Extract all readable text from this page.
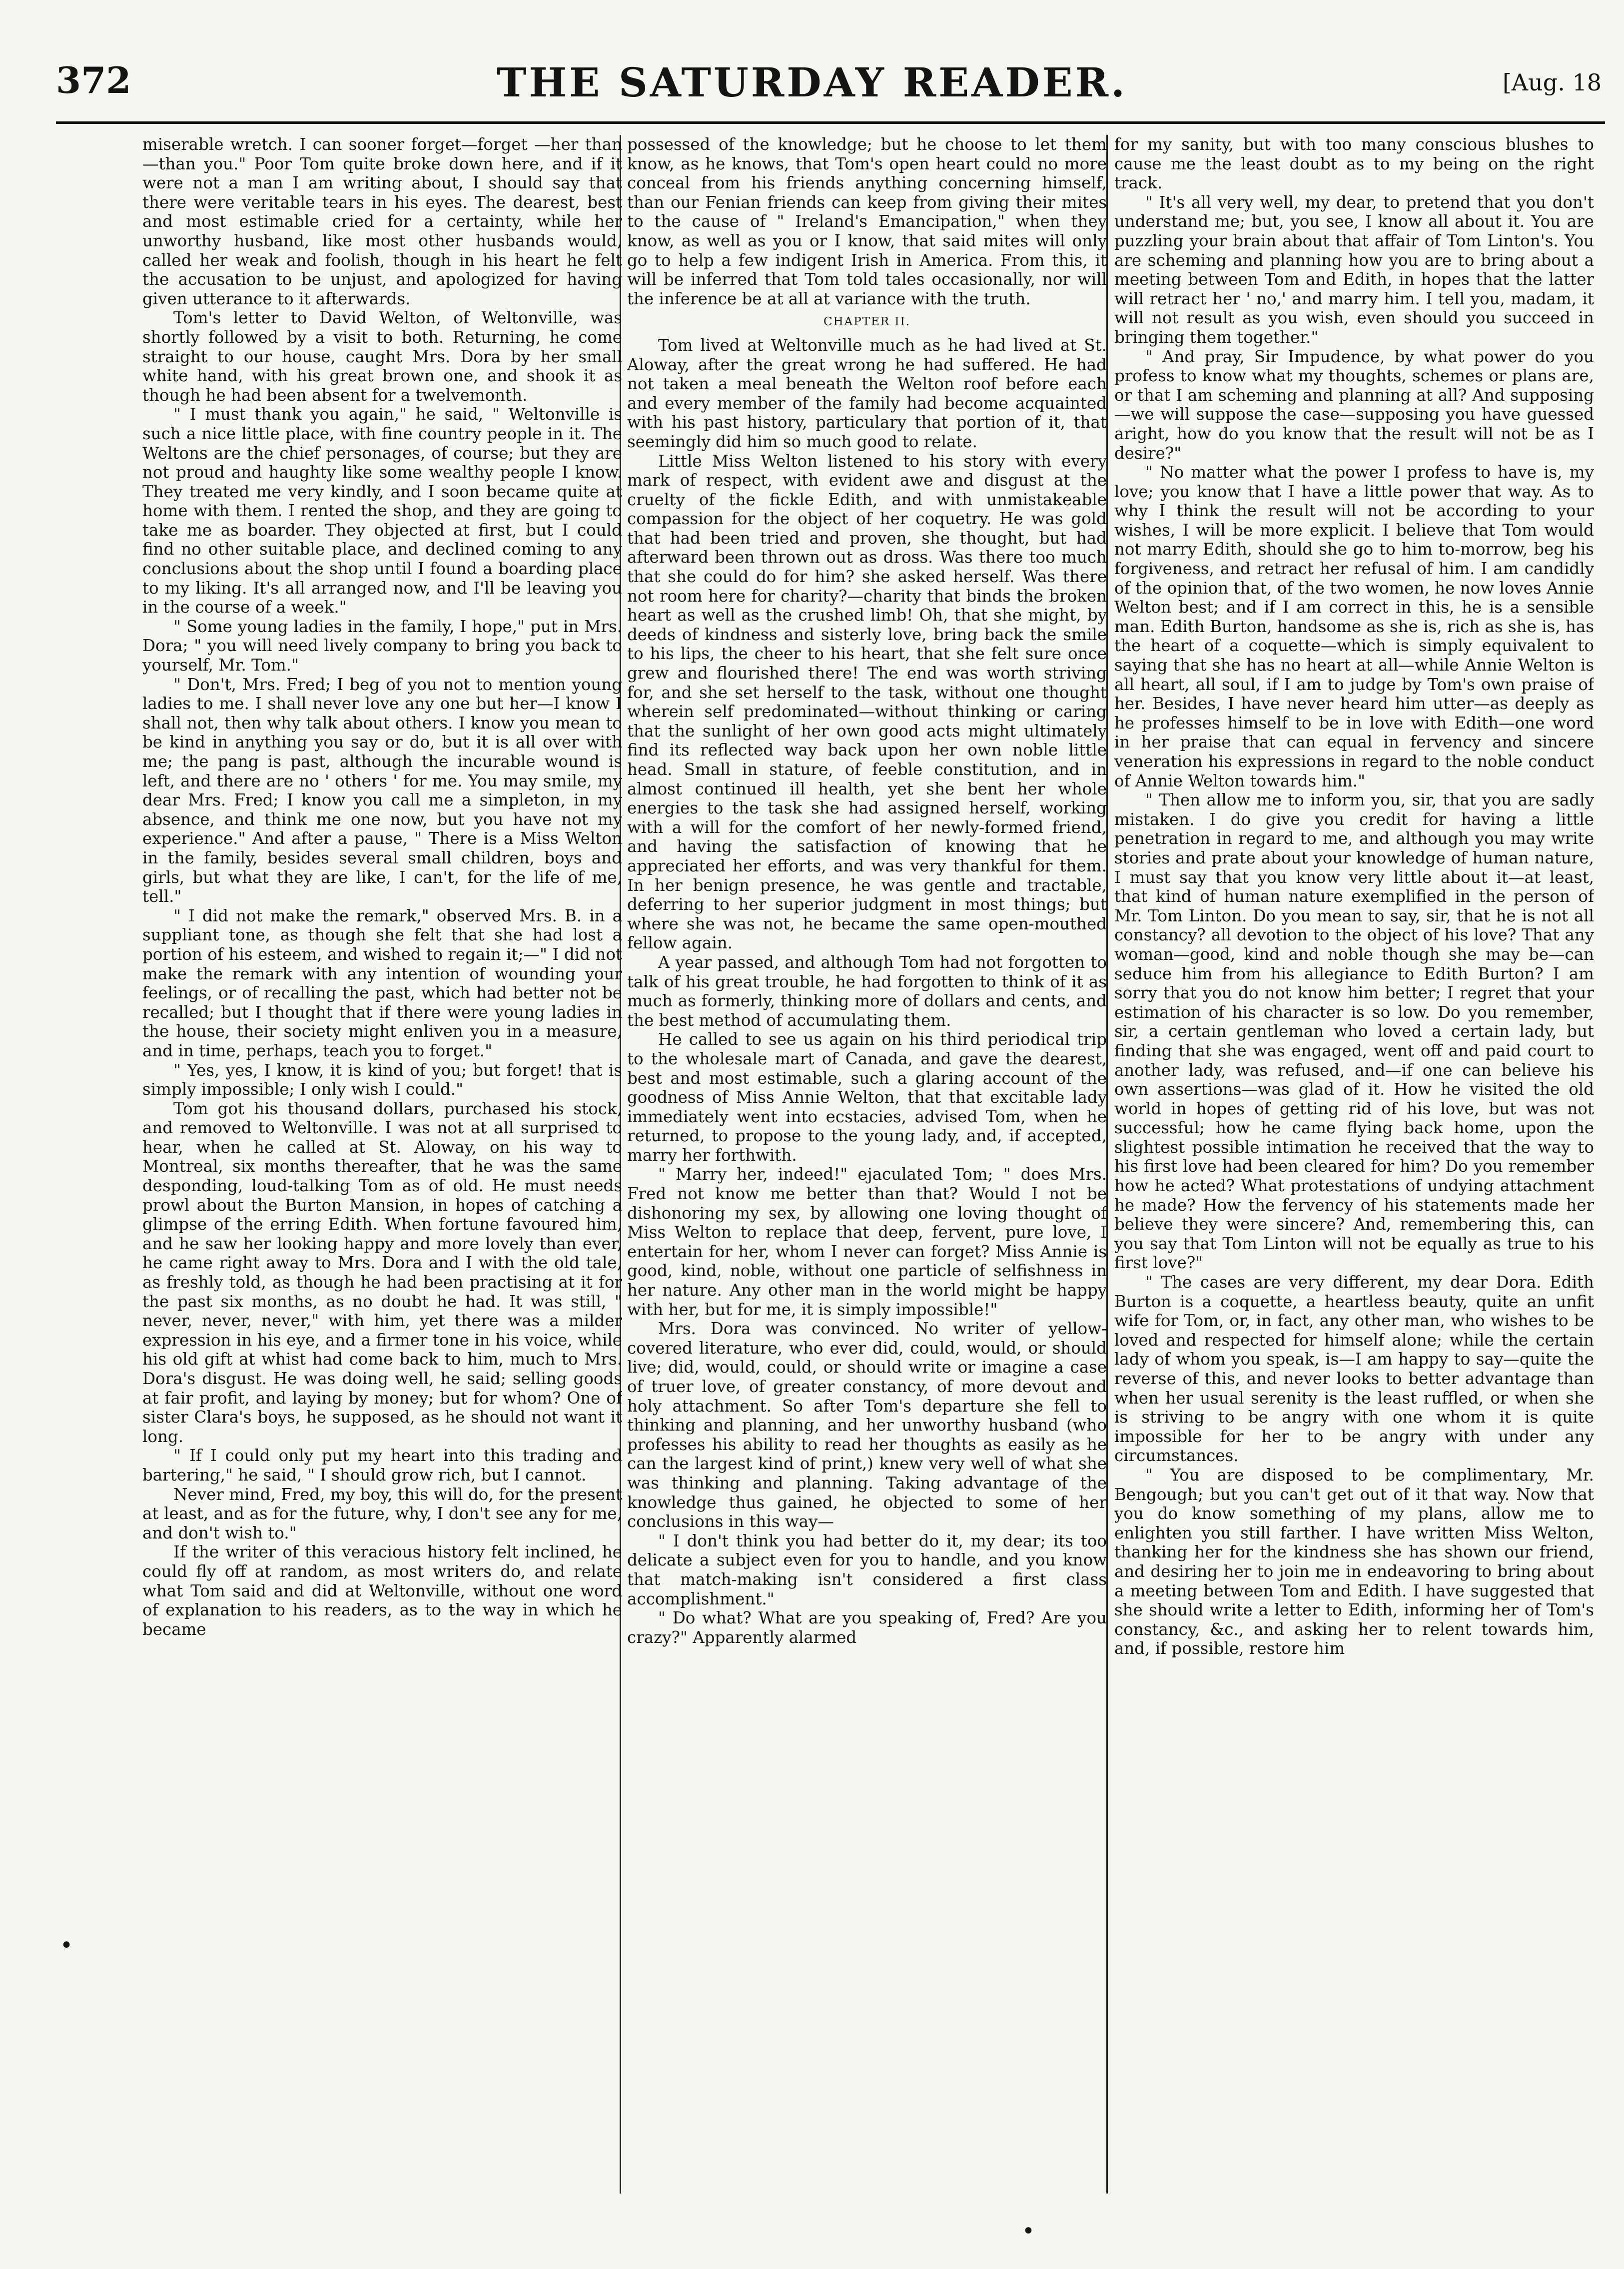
372	THE SATURDAY READER.	[Aug. 18

miserable wretch. I can sooner forget—forget —her than—than you." Poor Tom quite broke down here, and if it were not a man I am writing about, I should say that there were veritable tears in his eyes. The dearest, best and most estimable cried for a certainty, while her unworthy husband, like most other husbands would, called her weak and foolish, though in his heart he felt the accusation to be unjust, and apologized for having given utterance to it afterwards.

Tom's letter to David Welton, of Weltonville, was shortly followed by a visit to both. Returning, he come straight to our house, caught Mrs. Dora by her small white hand, with his great brown one, and shook it as though he had been absent for a twelvemonth.

" I must thank you again," he said, " Weltonville is such a nice little place, with fine country people in it. The Weltons are the chief personages, of course; but they are not proud and haughty like some wealthy people I know. They treated me very kindly, and I soon became quite at home with them. I rented the shop, and they are going to take me as boarder. They objected at first, but I could find no other suitable place, and declined coming to any conclusions about the shop until I found a boarding place to my liking. It's all arranged now, and I'll be leaving you in the course of a week."

" Some young ladies in the family, I hope," put in Mrs. Dora; " you will need lively company to bring you back to yourself, Mr. Tom."

" Don't, Mrs. Fred; I beg of you not to mention young ladies to me. I shall never love any one but her—I know I shall not, then why talk about others. I know you mean to be kind in anything you say or do, but it is all over with me; the pang is past, although the incurable wound is left, and there are no ' others ' for me. You may smile, my dear Mrs. Fred; I know you call me a simpleton, in my absence, and think me one now, but you have not my experience." And after a pause, " There is a Miss Welton in the family, besides several small children, boys and girls, but what they are like, I can't, for the life of me, tell."

" I did not make the remark," observed Mrs. B. in a suppliant tone, as though she felt that she had lost a portion of his esteem, and wished to regain it;—" I did not make the remark with any intention of wounding your feelings, or of recalling the past, which had better not be recalled; but I thought that if there were young ladies in the house, their society might enliven you in a measure, and in time, perhaps, teach you to forget."

" Yes, yes, I know, it is kind of you; but forget! that is simply impossible; I only wish I could."

Tom got his thousand dollars, purchased his stock, and removed to Weltonville. I was not at all surprised to hear, when he called at St. Aloway, on his way to Montreal, six months thereafter, that he was the same desponding, loud-talking Tom as of old. He must needs prowl about the Burton Mansion, in hopes of catching a glimpse of the erring Edith. When fortune favoured him, and he saw her looking happy and more lovely than ever, he came right away to Mrs. Dora and I with the old tale, as freshly told, as though he had been practising at it for the past six months, as no doubt he had. It was still, " never, never, never," with him, yet there was a milder expression in his eye, and a firmer tone in his voice, while his old gift at whist had come back to him, much to Mrs. Dora's disgust. He was doing well, he said; selling goods at fair profit, and laying by money; but for whom? One of sister Clara's boys, he supposed, as he should not want it long.

" If I could only put my heart into this trading and bartering," he said, " I should grow rich, but I cannot.

Never mind, Fred, my boy, this will do, for the present at least, and as for the future, why, I don't see any for me, and don't wish to."

If the writer of this veracious history felt inclined, he could fly off at random, as most writers do, and relate what Tom said and did at Weltonville, without one word of explanation to his readers, as to the way in which he became

possessed of the knowledge; but he choose to let them know, as he knows, that Tom's open heart could no more conceal from his friends anything concerning himself, than our Fenian friends can keep from giving their mites to the cause of " Ireland's Emancipation," when they know, as well as you or I know, that said mites will only go to help a few indigent Irish in America. From this, it will be inferred that Tom told tales occasionally, nor will the inference be at all at variance with the truth.

CHAPTER II.

Tom lived at Weltonville much as he had lived at St. Aloway, after the great wrong he had suffered. He had not taken a meal beneath the Welton roof before each and every member of the family had become acquainted with his past history, particulary that portion of it, that seemingly did him so much good to relate.

Little Miss Welton listened to his story with every mark of respect, with evident awe and disgust at the cruelty of the fickle Edith, and with unmistakeable compassion for the object of her coquetry. He was gold that had been tried and proven, she thought, but had afterward been thrown out as dross. Was there too much that she could do for him? she asked herself. Was there not room here for charity?—charity that binds the broken heart as well as the crushed limb! Oh, that she might, by deeds of kindness and sisterly love, bring back the smile to his lips, the cheer to his heart, that she felt sure once grew and flourished there! The end was worth striving for, and she set herself to the task, without one thought wherein self predominated—without thinking or caring that the sunlight of her own good acts might ultimately find its reflected way back upon her own noble little head. Small in stature, of feeble constitution, and in almost continued ill health, yet she bent her whole energies to the task she had assigned herself, working with a will for the comfort of her newly-formed friend, and having the satisfaction of knowing that he appreciated her efforts, and was very thankful for them. In her benign presence, he was gentle and tractable, deferring to her superior judgment in most things; but where she was not, he became the same open-mouthed fellow again.

A year passed, and although Tom had not forgotten to talk of his great trouble, he had forgotten to think of it as much as formerly, thinking more of dollars and cents, and the best method of accumulating them.

He called to see us again on his third periodical trip to the wholesale mart of Canada, and gave the dearest, best and most estimable, such a glaring account of the goodness of Miss Annie Welton, that that excitable lady immediately went into ecstacies, advised Tom, when he returned, to propose to the young lady, and, if accepted, marry her forthwith.

" Marry her, indeed!" ejaculated Tom; " does Mrs. Fred not know me better than that? Would I not be dishonoring my sex, by allowing one loving thought of Miss Welton to replace that deep, fervent, pure love, I entertain for her, whom I never can forget? Miss Annie is good, kind, noble, without one particle of selfishness in her nature. Any other man in the world might be happy with her, but for me, it is simply impossible!"

Mrs. Dora was convinced. No writer of yellow-covered literature, who ever did, could, would, or should live; did, would, could, or should write or imagine a case of truer love, of greater constancy, of more devout and holy attachment. So after Tom's departure she fell to thinking and planning, and her unworthy husband (who professes his ability to read her thoughts as easily as he can the largest kind of print,) knew very well of what she was thinking and planning. Taking advantage of the knowledge thus gained, he objected to some of her conclusions in this way—

" I don't think you had better do it, my dear; its too delicate a subject even for you to handle, and you know that match-making isn't considered a first class accomplishment."

" Do what? What are you speaking of, Fred? Are you crazy?" Apparently alarmed

for my sanity, but with too many conscious blushes to cause me the least doubt as to my being on the right track.

" It's all very well, my dear, to pretend that you don't understand me; but, you see, I know all about it. You are puzzling your brain about that affair of Tom Linton's. You are scheming and planning how you are to bring about a meeting between Tom and Edith, in hopes that the latter will retract her ' no,' and marry him. I tell you, madam, it will not result as you wish, even should you succeed in bringing them together."

" And pray, Sir Impudence, by what power do you profess to know what my thoughts, schemes or plans are, or that I am scheming and planning at all? And supposing—we will suppose the case—supposing you have guessed aright, how do you know that the result will not be as I desire?"

" No matter what the power I profess to have is, my love; you know that I have a little power that way. As to why I think the result will not be according to your wishes, I will be more explicit. I believe that Tom would not marry Edith, should she go to him to-morrow, beg his forgiveness, and retract her refusal of him. I am candidly of the opinion that, of the two women, he now loves Annie Welton best; and if I am correct in this, he is a sensible man. Edith Burton, handsome as she is, rich as she is, has the heart of a coquette—which is simply equivalent to saying that she has no heart at all—while Annie Welton is all heart, all soul, if I am to judge by Tom's own praise of her. Besides, I have never heard him utter—as deeply as he professes himself to be in love with Edith—one word in her praise that can equal in fervency and sincere veneration his expressions in regard to the noble conduct of Annie Welton towards him."

" Then allow me to inform you, sir, that you are sadly mistaken. I do give you credit for having a little penetration in regard to me, and although you may write stories and prate about your knowledge of human nature, I must say that you know very little about it—at least, that kind of human nature exemplified in the person of Mr. Tom Linton. Do you mean to say, sir, that he is not all constancy? all devotion to the object of his love? That any woman—good, kind and noble though she may be—can seduce him from his allegiance to Edith Burton? I am sorry that you do not know him better; I regret that your estimation of his character is so low. Do you remember, sir, a certain gentleman who loved a certain lady, but finding that she was engaged, went off and paid court to another lady, was refused, and—if one can believe his own assertions—was glad of it. How he visited the old world in hopes of getting rid of his love, but was not successful; how he came flying back home, upon the slightest possible intimation he received that the way to his first love had been cleared for him? Do you remember how he acted? What protestations of undying attachment he made? How the fervency of his statements made her believe they were sincere? And, remembering this, can you say that Tom Linton will not be equally as true to his first love?"

" The cases are very different, my dear Dora. Edith Burton is a coquette, a heartless beauty, quite an unfit wife for Tom, or, in fact, any other man, who wishes to be loved and respected for himself alone; while the certain lady of whom you speak, is—I am happy to say—quite the reverse of this, and never looks to better advantage than when her usual serenity is the least ruffled, or when she is striving to be angry with one whom it is quite impossible for her to be angry with under any circumstances.

" You are disposed to be complimentary, Mr. Bengough; but you can't get out of it that way. Now that you do know something of my plans, allow me to enlighten you still farther. I have written Miss Welton, thanking her for the kindness she has shown our friend, and desiring her to join me in endeavoring to bring about a meeting between Tom and Edith. I have suggested that she should write a letter to Edith, informing her of Tom's constancy, &c., and asking her to relent towards him, and, if possible, restore him

•
•
